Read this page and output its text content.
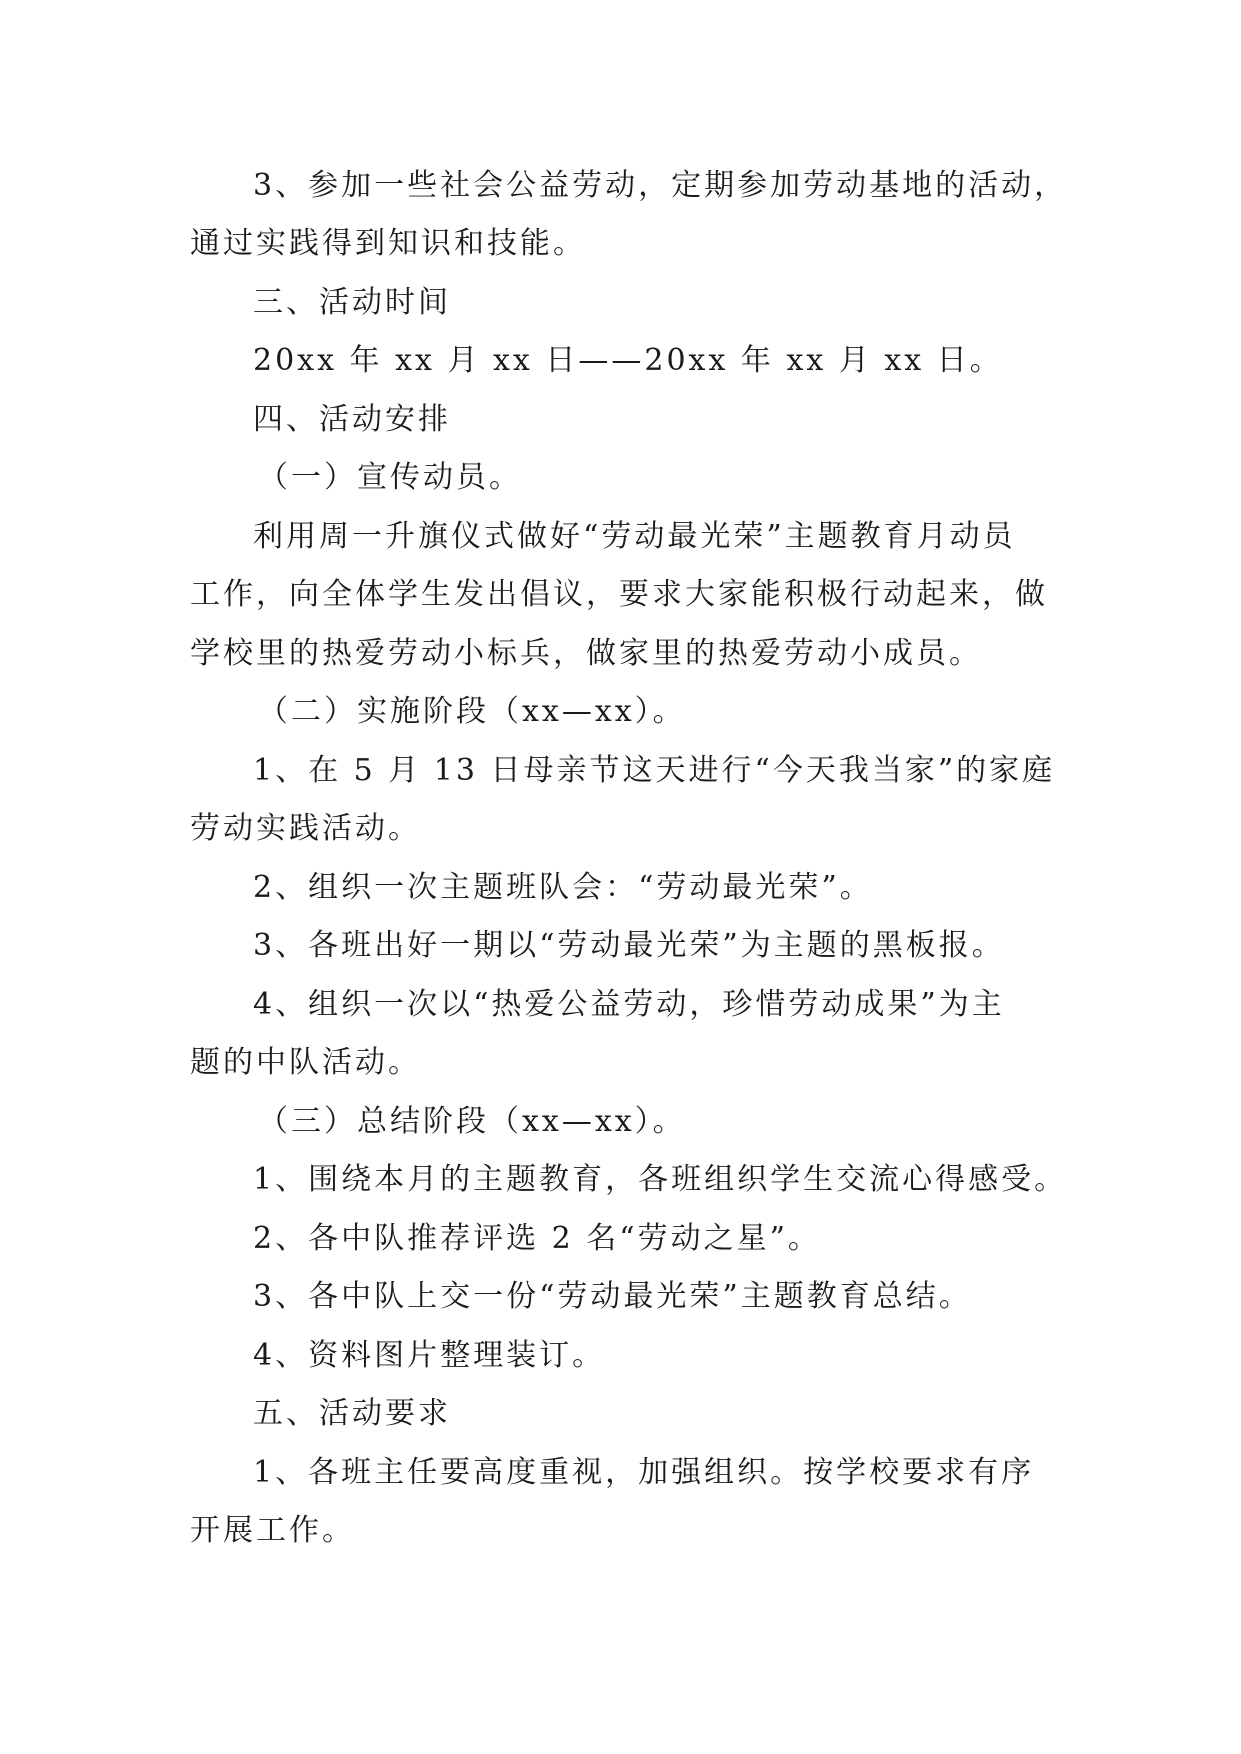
3、参加一些社会公益劳动，定期参加劳动基地的活动，
通过实践得到知识和技能。
三、活动时间
20xx 年 xx 月 xx 日——20xx 年 xx 月 xx 日。
四、活动安排
（一）宣传动员。
利用周一升旗仪式做好“劳动最光荣”主题教育月动员
工作，向全体学生发出倡议，要求大家能积极行动起来，做
学校里的热爱劳动小标兵，做家里的热爱劳动小成员。
（二）实施阶段（xx—xx）。
1、在 5 月 13 日母亲节这天进行“今天我当家”的家庭
劳动实践活动。
2、组织一次主题班队会：“劳动最光荣”。
3、各班出好一期以“劳动最光荣”为主题的黑板报。
4、组织一次以“热爱公益劳动，珍惜劳动成果”为主
题的中队活动。
（三）总结阶段（xx—xx）。
1、围绕本月的主题教育，各班组织学生交流心得感受。
2、各中队推荐评选 2 名“劳动之星”。
3、各中队上交一份“劳动最光荣”主题教育总结。
4、资料图片整理装订。
五、活动要求
1、各班主任要高度重视，加强组织。按学校要求有序
开展工作。
